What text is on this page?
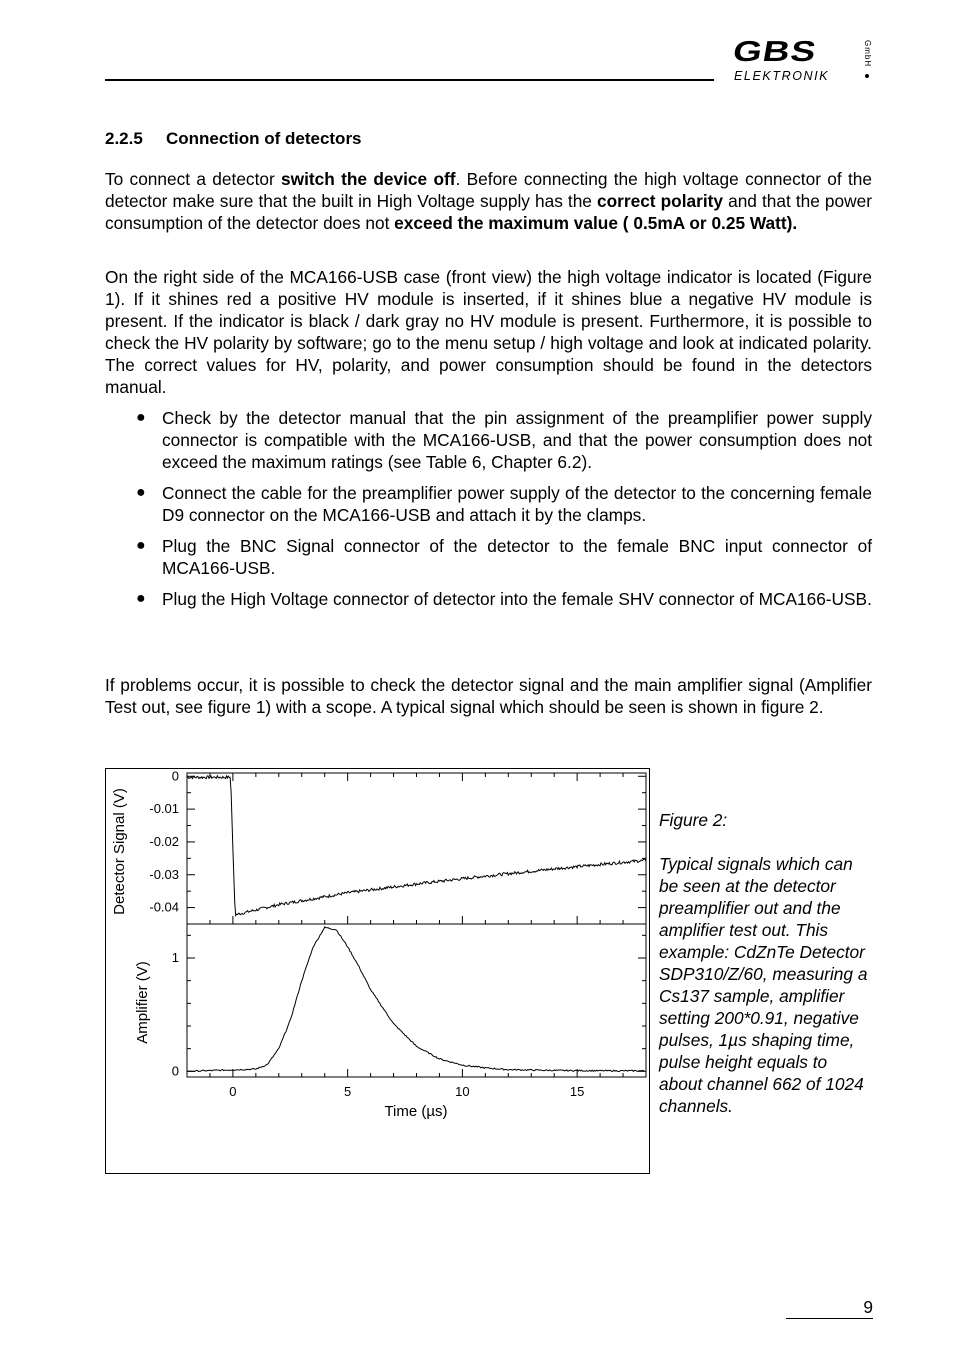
GBS
ELEKTRONIK
GmbH
2.2.5 Connection of detectors

To connect a detector switch the device off. Before connecting the high voltage connector of the detector make sure that the built in High Voltage supply has the correct polarity and that the power consumption of the detector does not exceed the maximum value ( 0.5mA or 0.25 Watt).

On the right side of the MCA166-USB case (front view) the high voltage indicator is located (Figure 1). If it shines red a positive HV module is inserted, if it shines blue a negative HV module is present. If the indicator is black / dark gray no HV module is present. Furthermore, it is possible to check the HV polarity by software; go to the menu setup / high voltage and look at indicated polarity. The correct values for HV, polarity, and power consumption should be found in the detectors manual.

● Check by the detector manual that the pin assignment of the preamplifier power supply connector is compatible with the MCA166-USB, and that the power consumption does not exceed the maximum ratings (see Table 6, Chapter 6.2).
● Connect the cable for the preamplifier power supply of the detector to the concerning female D9 connector on the MCA166-USB and attach it by the clamps.
● Plug the BNC Signal connector of the detector to the female BNC input connector of MCA166-USB.
● Plug the High Voltage connector of detector into the female SHV connector of MCA166-USB.

If problems occur, it is possible to check the detector signal and the main amplifier signal (Amplifier Test out, see figure 1) with a scope. A typical signal which should be seen is shown in figure 2.

0	5	10	15
Time (µs)
0
-0.01
-0.02
-0.03
-0.04
Detector Signal (V)
0
1
Amplifier (V)
Figure 2:
Typical signals which can be seen at the detector preamplifier out and the amplifier test out. This example: CdZnTe Detector SDP310/Z/60, measuring a Cs137 sample, amplifier setting 200*0.91, negative pulses, 1µs shaping time, pulse height equals to about channel 662 of 1024 channels.
9
